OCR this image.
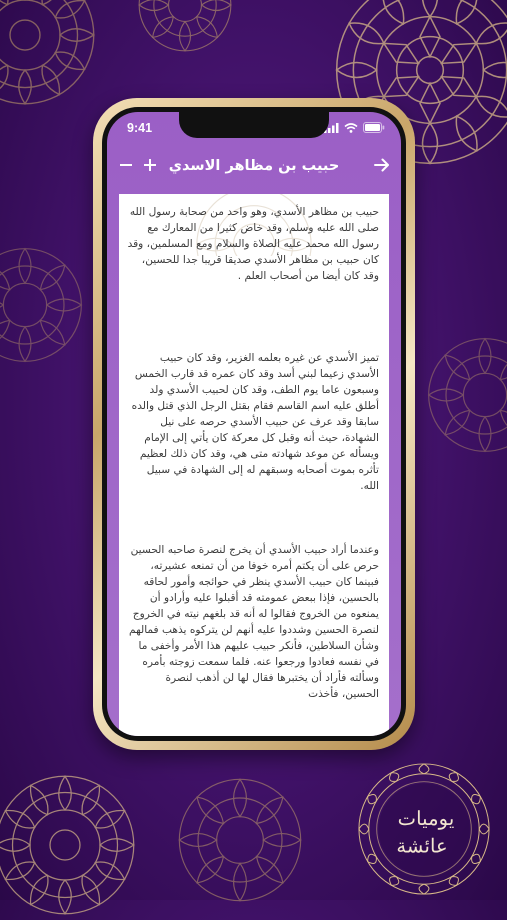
9:41
حبيب بن مظاهر الاسدي

حبيب بن مظاهر الأسدي، وهو واحد من صحابة رسول الله صلى الله عليه وسلم، وقد خاض كثيرا من المعارك مع رسول الله محمد عليه الصلاة والسلام ومع المسلمين، وقد كان حبيب بن مظاهر الأسدي صديقا قريبا جدا للحسين، وقد كان أيضا من أصحاب العلم .

تميز الأسدي عن غيره بعلمه الغزير، وقد كان حبيب الأسدي زعيما لبني أسد وقد كان عمره قد قارب الخمس وسبعون عاما يوم الطف، وقد كان لحبيب الأسدي ولد أطلق عليه اسم القاسم فقام بقتل الرجل الذي قتل والده سابقا وقد عرف عن حبيب الأسدي حرصه على نيل الشهادة، حيث أنه وقبل كل معركة كان يأتي إلى الإمام ويسأله عن موعد شهادته متى هي، وقد كان ذلك لعظيم تأثره بموت أصحابه وسبقهم له إلى الشهادة في سبيل الله.

وعندما أراد حبيب الأسدي أن يخرج لنصرة صاحبه الحسين حرص على أن يكتم أمره خوفا من أن تمنعه عشيرته، فبينما كان حبيب الأسدي ينظر في حوائجه وأمور لحاقه بالحسين، فإذا ببعض عمومته قد أقبلوا عليه وأرادو أن يمنعوه من الخروج فقالوا له أنه قد بلغهم نيته في الخروج لنصرة الحسين وشددوا عليه أنهم لن يتركوه يذهب فمالهم وشأن السلاطين، فأنكر حبيب عليهم هذا الأمر وأخفى ما في نفسه فعادوا ورجعوا عنه. فلما سمعت زوجته بأمره وسألته فأراد أن يختبرها فقال لها لن أذهب لنصرة الحسين، فأخذت

يوميات
عائشة
